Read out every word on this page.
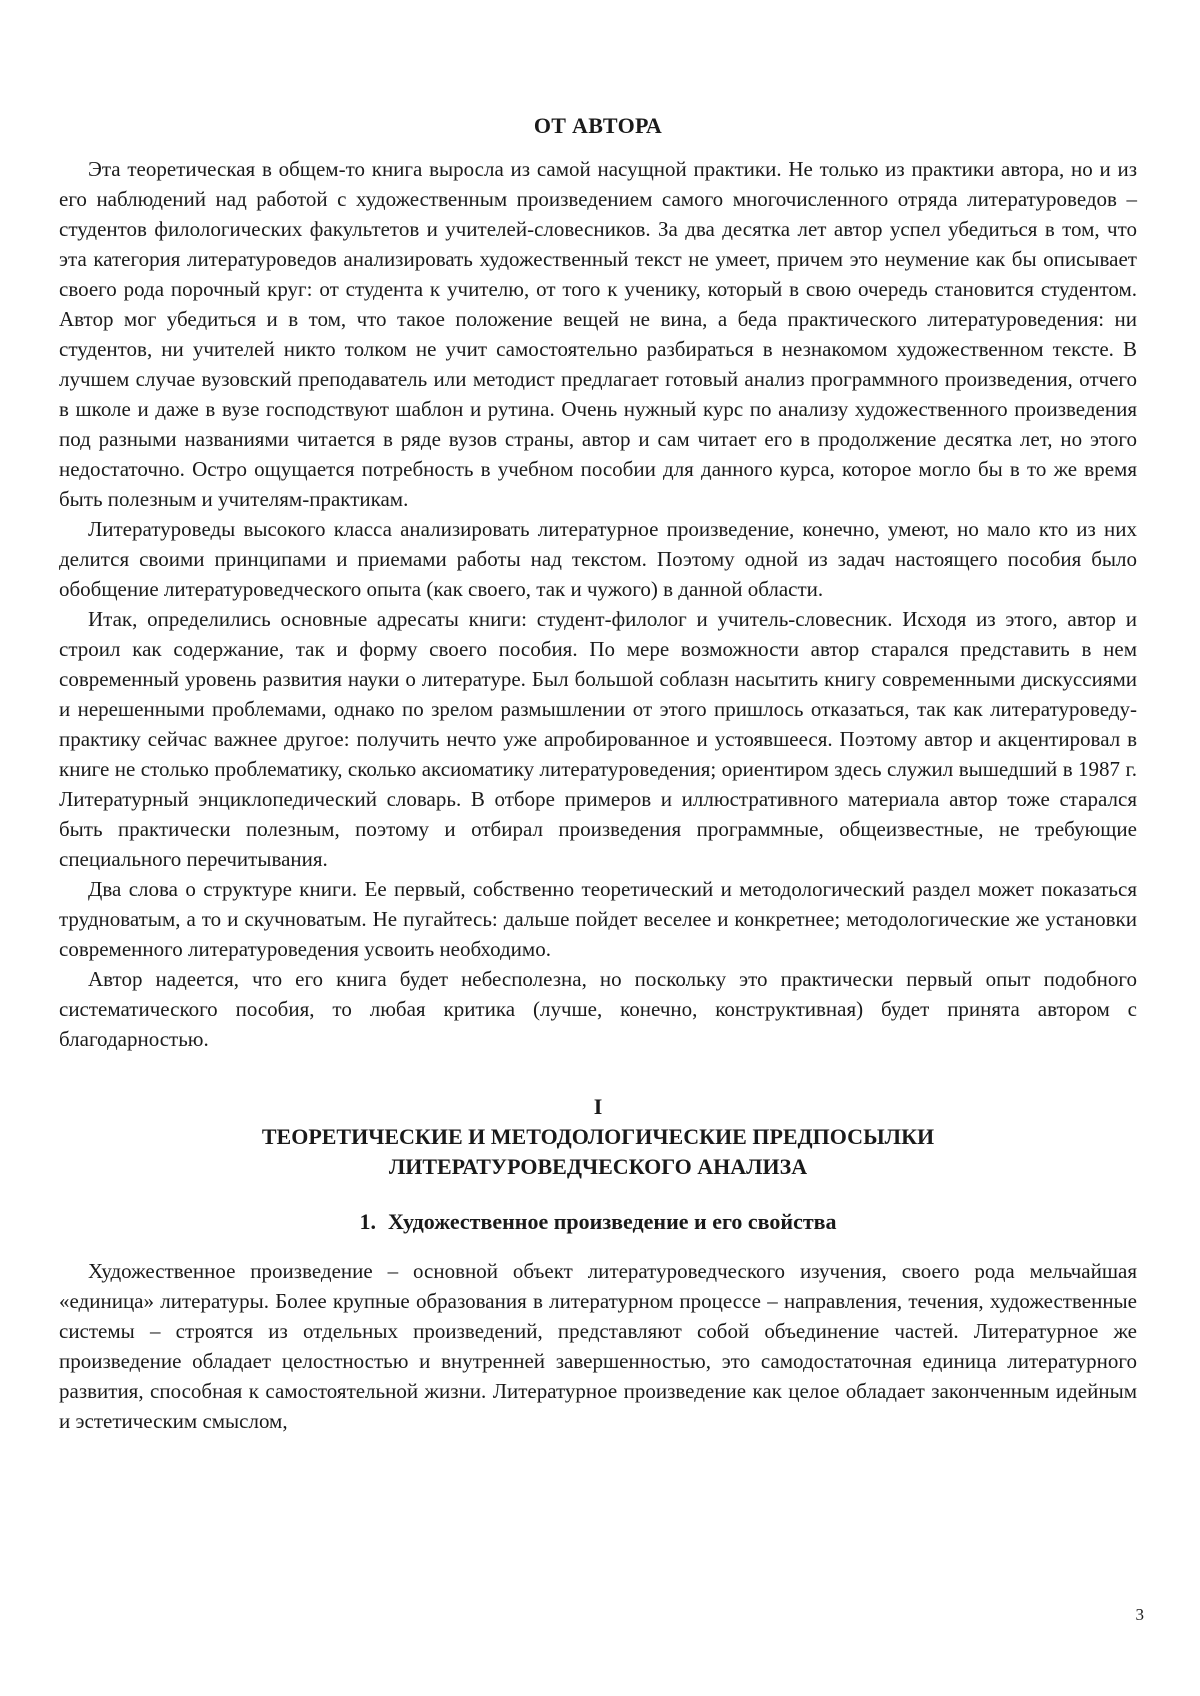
ОТ АВТОРА

Эта теоретическая в общем-то книга выросла из самой насущной практики. Не только из практики автора, но и из его наблюдений над работой с художественным произведением самого многочисленного отряда литературоведов – студентов филологических факультетов и учителей-словесников. За два десятка лет автор успел убедиться в том, что эта категория литературоведов анализировать художественный текст не умеет, причем это неумение как бы описывает своего рода порочный круг: от студента к учителю, от того к ученику, который в свою очередь становится студентом. Автор мог убедиться и в том, что такое положение вещей не вина, а беда практического литературоведения: ни студентов, ни учителей никто толком не учит самостоятельно разбираться в незнакомом художественном тексте. В лучшем случае вузовский преподаватель или методист предлагает готовый анализ программного произведения, отчего в школе и даже в вузе господствуют шаблон и рутина. Очень нужный курс по анализу художественного произведения под разными названиями читается в ряде вузов страны, автор и сам читает его в продолжение десятка лет, но этого недостаточно. Остро ощущается потребность в учебном пособии для данного курса, которое могло бы в то же время быть полезным и учителям-практикам.

Литературоведы высокого класса анализировать литературное произведение, конечно, умеют, но мало кто из них делится своими принципами и приемами работы над текстом. Поэтому одной из задач настоящего пособия было обобщение литературоведческого опыта (как своего, так и чужого) в данной области.

Итак, определились основные адресаты книги: студент-филолог и учитель-словесник. Исходя из этого, автор и строил как содержание, так и форму своего пособия. По мере возможности автор старался представить в нем современный уровень развития науки о литературе. Был большой соблазн насытить книгу современными дискуссиями и нерешенными проблемами, однако по зрелом размышлении от этого пришлось отказаться, так как литературоведу-практику сейчас важнее другое: получить нечто уже апробированное и устоявшееся. Поэтому автор и акцентировал в книге не столько проблематику, сколько аксиоматику литературоведения; ориентиром здесь служил вышедший в 1987 г. Литературный энциклопедический словарь. В отборе примеров и иллюстративного материала автор тоже старался быть практически полезным, поэтому и отбирал произведения программные, общеизвестные, не требующие специального перечитывания.

Два слова о структуре книги. Ее первый, собственно теоретический и методологический раздел может показаться трудноватым, а то и скучноватым. Не пугайтесь: дальше пойдет веселее и конкретнее; методологические же установки современного литературоведения усвоить необходимо.

Автор надеется, что его книга будет небесполезна, но поскольку это практически первый опыт подобного систематического пособия, то любая критика (лучше, конечно, конструктивная) будет принята автором с благодарностью.

I
ТЕОРЕТИЧЕСКИЕ И МЕТОДОЛОГИЧЕСКИЕ ПРЕДПОСЫЛКИ
ЛИТЕРАТУРОВЕДЧЕСКОГО АНАЛИЗА
1. Художественное произведение и его свойства

Художественное произведение – основной объект литературоведческого изучения, своего рода мельчайшая «единица» литературы. Более крупные образования в литературном процессе – направления, течения, художественные системы – строятся из отдельных произведений, представляют собой объединение частей. Литературное же произведение обладает целостностью и внутренней завершенностью, это самодостаточная единица литературного развития, способная к самостоятельной жизни. Литературное произведение как целое обладает законченным идейным и эстетическим смыслом,

3
